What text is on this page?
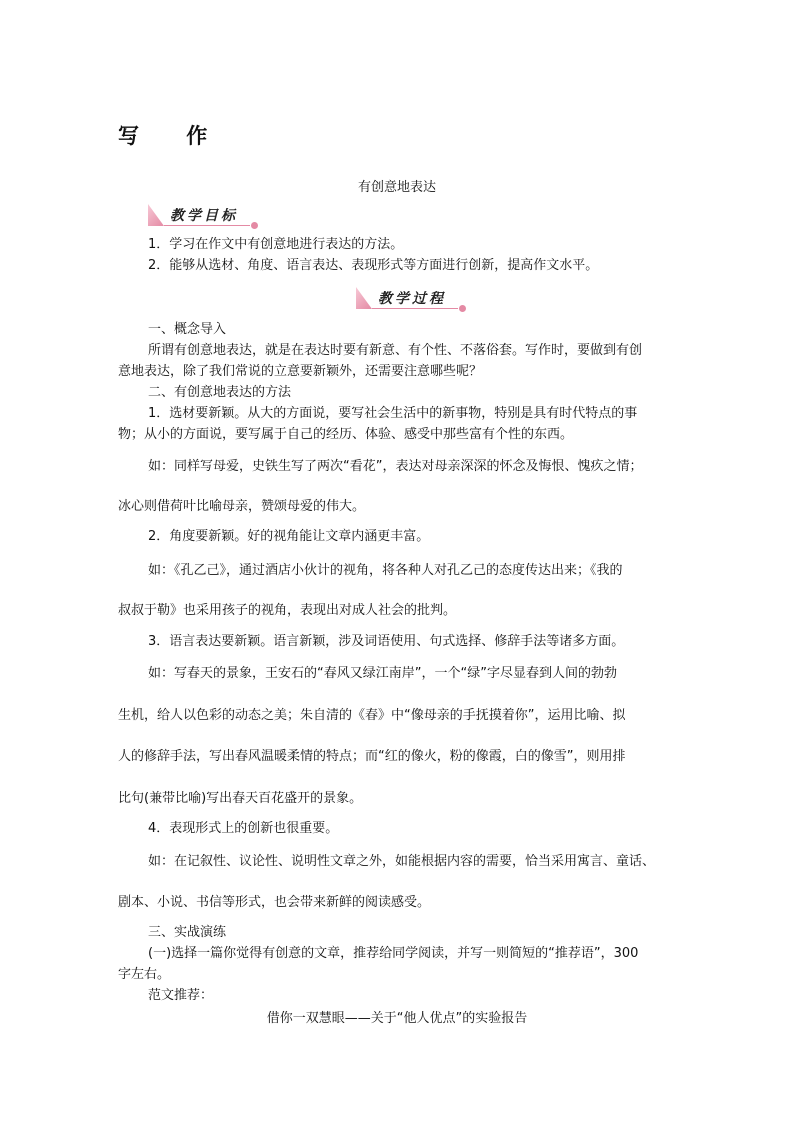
写 作
有创意地表达
教学目标
1．学习在作文中有创意地进行表达的方法。
2．能够从选材、角度、语言表达、表现形式等方面进行创新，提高作文水平。
教学过程
一、概念导入
所谓有创意地表达，就是在表达时要有新意、有个性、不落俗套。写作时，要做到有创
意地表达，除了我们常说的立意要新颖外，还需要注意哪些呢？
二、有创意地表达的方法
1．选材要新颖。从大的方面说，要写社会生活中的新事物，特别是具有时代特点的事
物；从小的方面说，要写属于自己的经历、体验、感受中那些富有个性的东西。
如：同样写母爱，史铁生写了两次“看花”，表达对母亲深深的怀念及悔恨、愧疚之情；
冰心则借荷叶比喻母亲，赞颂母爱的伟大。
2．角度要新颖。好的视角能让文章内涵更丰富。
如：《孔乙己》，通过酒店小伙计的视角，将各种人对孔乙己的态度传达出来；《我的
叔叔于勒》也采用孩子的视角，表现出对成人社会的批判。
3．语言表达要新颖。语言新颖，涉及词语使用、句式选择、修辞手法等诸多方面。
如：写春天的景象，王安石的“春风又绿江南岸”，一个“绿”字尽显春到人间的勃勃
生机，给人以色彩的动态之美；朱自清的《春》中“像母亲的手抚摸着你”，运用比喻、拟
人的修辞手法，写出春风温暖柔情的特点；而“红的像火，粉的像霞，白的像雪”，则用排
比句(兼带比喻)写出春天百花盛开的景象。
4．表现形式上的创新也很重要。
如：在记叙性、议论性、说明性文章之外，如能根据内容的需要，恰当采用寓言、童话、
剧本、小说、书信等形式，也会带来新鲜的阅读感受。
三、实战演练
(一)选择一篇你觉得有创意的文章，推荐给同学阅读，并写一则简短的“推荐语”，300
字左右。
范文推荐：
借你一双慧眼——关于“他人优点”的实验报告
